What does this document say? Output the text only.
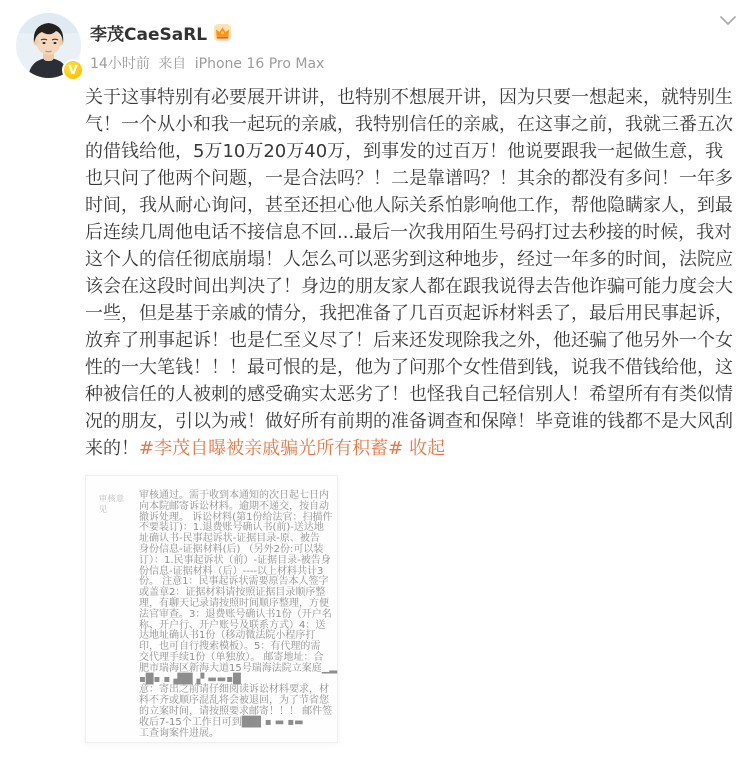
V
李茂CaeSaRL
14小时前 来自 iPhone 16 Pro Max
关于这事特别有必要展开讲讲，也特别不想展开讲，因为只要一想起来，就特别生气！一个从小和我一起玩的亲戚，我特别信任的亲戚，在这事之前，我就三番五次的借钱给他，5万10万20万40万，到事发的过百万！他说要跟我一起做生意，我也只问了他两个问题，一是合法吗？！二是靠谱吗？！其余的都没有多问！一年多时间，我从耐心询问，甚至还担心他人际关系怕影响他工作，帮他隐瞒家人，到最后连续几周他电话不接信息不回...最后一次我用陌生号码打过去秒接的时候，我对这个人的信任彻底崩塌！人怎么可以恶劣到这种地步，经过一年多的时间，法院应该会在这段时间出判决了！身边的朋友家人都在跟我说得去告他诈骗可能力度会大一些，但是基于亲戚的情分，我把准备了几百页起诉材料丢了，最后用民事起诉，放弃了刑事起诉！也是仁至义尽了！后来还发现除我之外，他还骗了他另外一个女性的一大笔钱！！！最可恨的是，他为了问那个女性借到钱，说我不借钱给他，这种被信任的人被刺的感受确实太恶劣了！也怪我自己轻信别人！希望所有有类似情况的朋友，引以为戒！做好所有前期的准备调查和保障！毕竟谁的钱都不是大风刮来的！#李茂自曝被亲戚骗光所有积蓄# 收起
审核意见
审核通过。需于收到本通知的次日起七日内
向本院邮寄诉讼材料。逾期不递交，按自动
撤诉处理。 诉讼材料(第1份给法官：扫描件
不要装订)：1.退费账号确认书(前)-送达地
址确认书-民事起诉状-证据目录-原、被告
身份信息-证据材料(后) （另外2份:可以装
订）：1.民事起诉状（前）-证据目录-被告身
份信息-证据材料（后）----以上材料共计3
份。 注意1：民事起诉状需要原告本人签字
或盖章2：证据材料请按照证据目录顺序整
理，有聊天记录请按照时间顺序整理，方便
法官审查。3：退费账号确认书1份（开户名
称、开户行、开户账号及联系方式）4：送
达地址确认书1份（移动微法院小程序打
印，也可自行搜索模板）。5：有代理的需
交代理手续1份（单独放）。 邮寄地址：合
肥市瑞海区新海大道15号瑞海法院立案庭▁▂
▪█▪ ▪ ▟█▌▞ ▬▬▪█
意：寄出之前请仔细阅读诉讼材料要求，材
料不齐或顺序混乱将会被退回，为了节省您
的立案时间，请按照要求邮寄！！！ 邮件签
收后7-15个工作日可到██▌▪ ▬ ▪▬
工查询案件进展。
